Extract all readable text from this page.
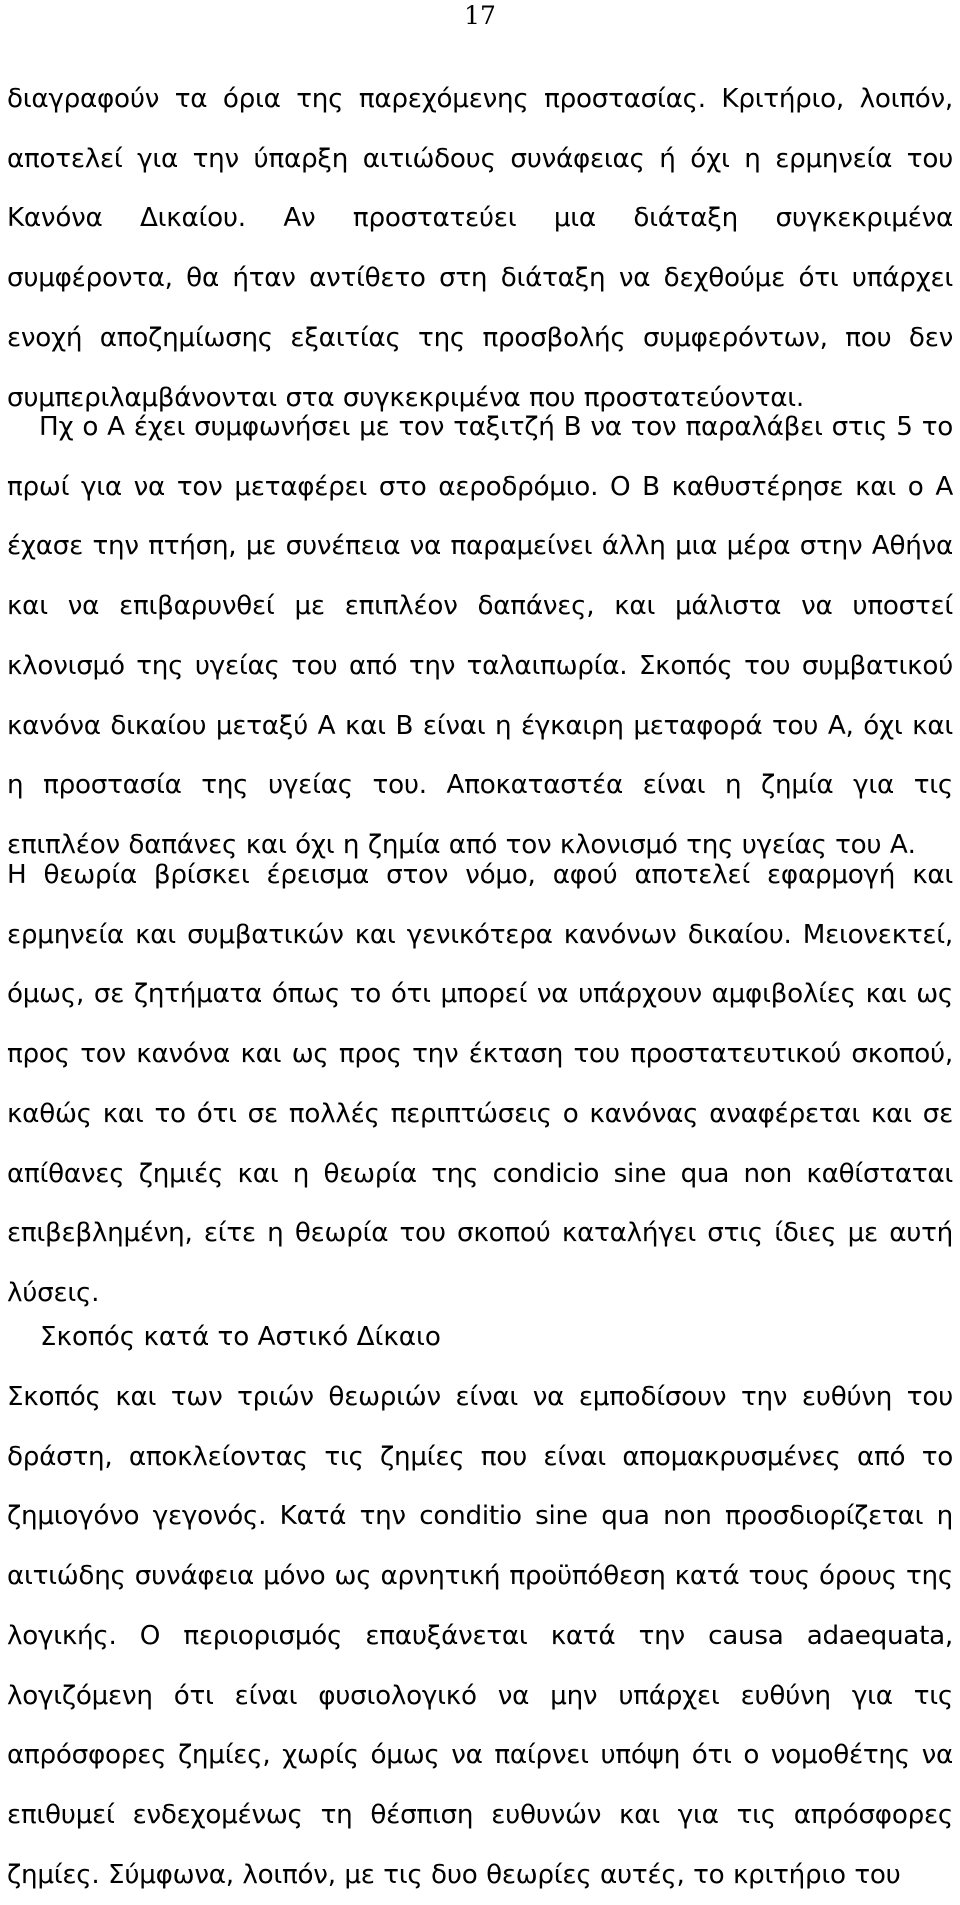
17

διαγραφούν τα όρια της παρεχόμενης προστασίας. Κριτήριο, λοιπόν, αποτελεί για την ύπαρξη αιτιώδους συνάφειας ή όχι η ερμηνεία του Κανόνα Δικαίου. Αν προστατεύει μια διάταξη συγκεκριμένα συμφέροντα, θα ήταν αντίθετο στη διάταξη να δεχθούμε ότι υπάρχει ενοχή αποζημίωσης εξαιτίας της προσβολής συμφερόντων, που δεν συμπεριλαμβάνονται στα συγκεκριμένα που προστατεύονται.

Πχ ο Α έχει συμφωνήσει με τον ταξιτζή Β να τον παραλάβει στις 5 το πρωί για να τον μεταφέρει στο αεροδρόμιο. Ο Β καθυστέρησε και ο Α έχασε την πτήση, με συνέπεια να παραμείνει άλλη μια μέρα στην Αθήνα και να επιβαρυνθεί με επιπλέον δαπάνες, και μάλιστα να υποστεί κλονισμό της υγείας του από την ταλαιπωρία. Σκοπός του συμβατικού κανόνα δικαίου μεταξύ Α και Β είναι η έγκαιρη μεταφορά του Α, όχι και η προστασία της υγείας του. Αποκαταστέα είναι η ζημία για τις επιπλέον δαπάνες και όχι η ζημία από τον κλονισμό της υγείας του Α.

Η θεωρία βρίσκει έρεισμα στον νόμο, αφού αποτελεί εφαρμογή και ερμηνεία και συμβατικών και γενικότερα κανόνων δικαίου. Μειονεκτεί, όμως, σε ζητήματα όπως το ότι μπορεί να υπάρχουν αμφιβολίες και ως προς τον κανόνα και ως προς την έκταση του προστατευτικού σκοπού, καθώς και το ότι σε πολλές περιπτώσεις ο κανόνας αναφέρεται και σε απίθανες ζημιές και η θεωρία της condicio sine qua non καθίσταται επιβεβλημένη, είτε η θεωρία του σκοπού καταλήγει στις ίδιες με αυτή λύσεις.

Σκοπός κατά το Αστικό Δίκαιο

Σκοπός και των τριών θεωριών είναι να εμποδίσουν την ευθύνη του δράστη, αποκλείοντας τις ζημίες που είναι απομακρυσμένες από το ζημιογόνο γεγονός. Κατά την conditio sine qua non προσδιορίζεται η αιτιώδης συνάφεια μόνο ως αρνητική προϋπόθεση κατά τους όρους της λογικής. Ο περιορισμός επαυξάνεται κατά την causa adaequata, λογιζόμενη ότι είναι φυσιολογικό να μην υπάρχει ευθύνη για τις απρόσφορες ζημίες, χωρίς όμως να παίρνει υπόψη ότι ο νομοθέτης να επιθυμεί ενδεχομένως τη θέσπιση ευθυνών και για τις απρόσφορες ζημίες. Σύμφωνα, λοιπόν, με τις δυο θεωρίες αυτές, το κριτήριο του
